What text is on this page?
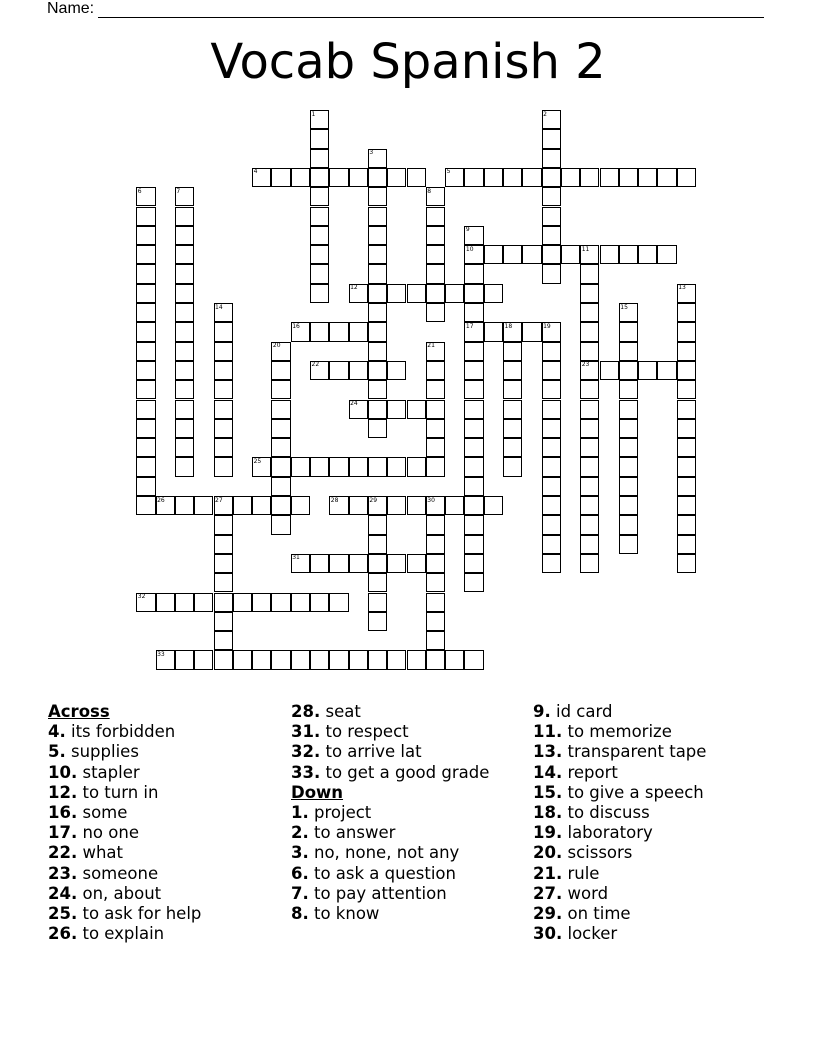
Name:
Vocab Spanish 2
1	2
3
4	5
6	7	8
9
10	11
12	13
14	15
16	17	18	19
20	21
22	23
24
25
26	27	28	29	30
31
32
33
Across
4. its forbidden
5. supplies
10. stapler
12. to turn in
16. some
17. no one
22. what
23. someone
24. on, about
25. to ask for help
26. to explain
28. seat
31. to respect
32. to arrive lat
33. to get a good grade
Down
1. project
2. to answer
3. no, none, not any
6. to ask a question
7. to pay attention
8. to know
9. id card
11. to memorize
13. transparent tape
14. report
15. to give a speech
18. to discuss
19. laboratory
20. scissors
21. rule
27. word
29. on time
30. locker
